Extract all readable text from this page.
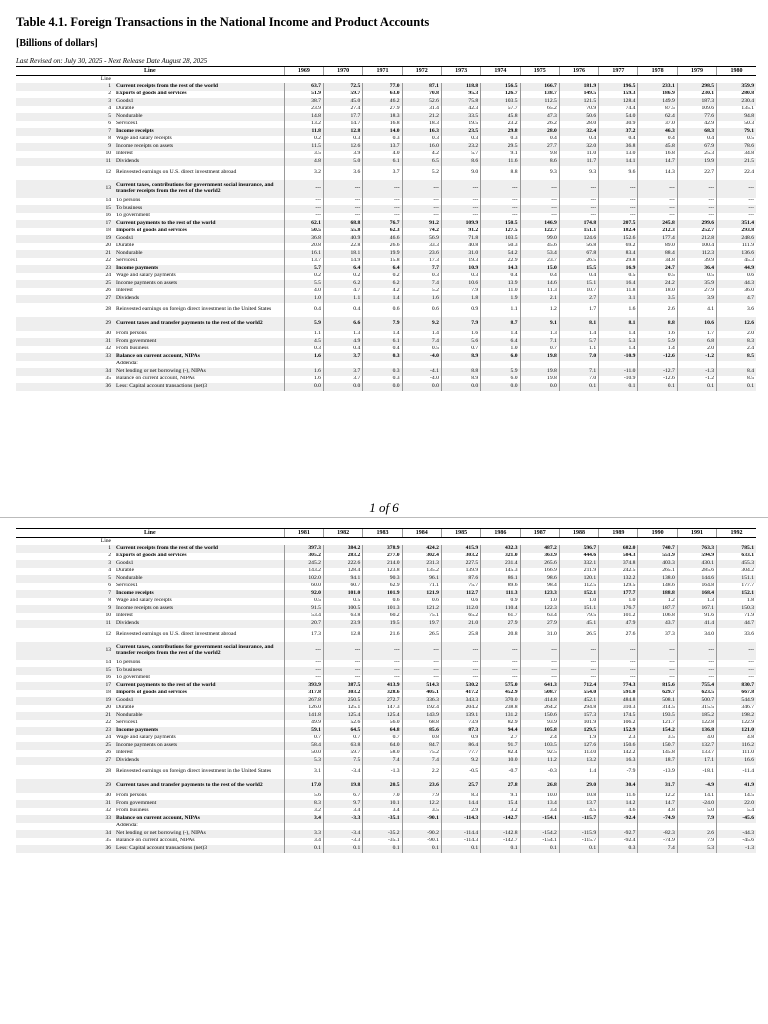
Table 4.1. Foreign Transactions in the National Income and Product Accounts
[Billions of dollars]
Last Revised on: July 30, 2025 - Next Release Date August 28, 2025
Line		1969	1970	1971	1972	1973	1974	1975	1976	1977	1978	1979	1980
Line													
1	Current receipts from the rest of the world	63.7	72.5	77.0	87.1	118.8	156.5	166.7	181.9	196.5	233.1	298.5	359.9
2	Exports of goods and services	51.9	59.7	63.0	70.8	95.3	126.7	138.7	149.5	159.3	186.9	230.1	280.8
3	Goods1	38.7	45.0	46.2	52.6	75.8	103.5	112.5	121.5	128.4	149.9	187.3	230.4
4	Durable	23.9	27.4	27.9	31.4	42.3	57.7	65.2	70.9	74.4	87.5	109.6	135.1
5	Nondurable	14.8	17.7	18.3	21.2	33.5	45.8	47.3	50.6	54.0	62.4	77.6	94.8
6	Services1	13.2	14.7	16.8	18.3	19.5	23.2	26.2	28.0	30.9	37.0	42.9	50.3
7	Income receipts	11.8	12.8	14.0	16.3	23.5	29.8	28.0	32.4	37.2	46.3	68.3	79.1
8	Wage and salary receipts	0.2	0.3	0.3	0.3	0.3	0.3	0.4	0.4	0.4	0.4	0.4	0.5
9	Income receipts on assets	11.5	12.6	13.7	16.0	23.2	29.5	27.7	32.0	36.8	45.8	67.9	78.6
10	Interest	3.5	3.9	4.0	4.2	5.7	9.1	9.8	11.0	13.0	16.8	25.3	34.8
11	Dividends	4.8	5.0	6.1	6.5	8.6	11.6	8.6	11.7	14.1	14.7	19.9	21.5
12	Reinvested earnings on U.S. direct investment abroad	3.2	3.6	3.7	5.2	9.0	8.8	9.3	9.3	9.6	14.3	22.7	22.4
13	Current taxes, contributions for government social insurance, and transfer receipts from the rest of the world2	---	---	---	---	---	---	---	---	---	---	---	---
14	To persons	---	---	---	---	---	---	---	---	---	---	---	---
15	To business	---	---	---	---	---	---	---	---	---	---	---	---
16	To government	---	---	---	---	---	---	---	---	---	---	---	---
17	Current payments to the rest of the world	62.1	68.8	76.7	91.2	109.9	150.5	146.9	174.8	207.5	245.8	299.6	351.4
18	Imports of goods and services	50.5	55.8	62.3	74.2	91.2	127.5	122.7	151.1	182.4	212.3	252.7	293.8
19	Goods1	36.8	40.9	46.6	56.9	71.8	103.5	99.0	124.6	152.6	177.4	212.8	248.6
20	Durable	20.8	22.8	26.6	33.3	40.8	50.3	45.6	56.8	69.2	89.0	100.4	111.9
21	Nondurable	16.1	18.1	19.9	23.6	31.0	54.2	53.4	67.8	83.4	88.4	112.3	136.6
22	Services1	13.7	14.9	15.8	17.3	19.3	22.9	23.7	26.5	29.8	34.8	39.9	45.3
23	Income payments	5.7	6.4	6.4	7.7	10.9	14.3	15.0	15.5	16.9	24.7	36.4	44.9
24	Wage and salary payments	0.2	0.2	0.2	0.3	0.3	0.4	0.4	0.4	0.5	0.5	0.5	0.6
25	Income payments on assets	5.5	6.2	6.2	7.4	10.6	13.9	14.6	15.1	16.4	24.2	35.9	44.3
26	Interest	4.0	4.7	4.2	5.2	7.9	11.0	11.3	10.7	11.8	18.0	27.9	36.0
27	Dividends	1.0	1.1	1.4	1.6	1.8	1.9	2.1	2.7	3.1	3.5	3.9	4.7
28	Reinvested earnings on foreign direct investment in the United States	0.4	0.4	0.6	0.6	0.9	1.1	1.2	1.7	1.6	2.6	4.1	3.6
29	Current taxes and transfer payments to the rest of the world2	5.9	6.6	7.9	9.2	7.9	8.7	9.1	8.1	8.1	8.8	10.6	12.6
30	From persons	1.1	1.3	1.4	1.4	1.6	1.4	1.3	1.4	1.4	1.6	1.7	2.0
31	From government	4.5	4.9	6.1	7.4	5.6	6.4	7.1	5.7	5.3	5.9	6.8	8.3
32	From business	0.3	0.4	0.4	0.5	0.7	1.0	0.7	1.1	1.4	1.4	2.0	2.4
33	Balance on current account, NIPAs	1.6	3.7	0.3	-4.0	8.9	6.0	19.8	7.0	-10.9	-12.6	-1.2	8.5
	Addenda:												
34	Net lending or net borrowing (-), NIPAs	1.6	3.7	0.3	-4.1	8.8	5.9	19.8	7.1	-11.0	-12.7	-1.3	8.4
35	Balance on current account, NIPAs	1.6	3.7	0.3	-4.0	8.9	6.0	19.8	7.0	-10.9	-12.6	-1.2	8.5
36	Less: Capital account transactions (net)3	0.0	0.0	0.0	0.0	0.0	0.0	0.0	0.1	0.1	0.1	0.1	0.1
1 of 6
Line		1981	1982	1983	1984	1985	1986	1987	1988	1989	1990	1991	1992
Line													
1	Current receipts from the rest of the world	397.3	384.2	378.9	424.2	415.9	432.3	487.2	596.7	682.0	740.7	763.3	785.1
2	Exports of goods and services	305.2	283.2	277.0	302.4	303.2	321.0	363.9	444.6	504.3	551.9	594.9	633.1
3	Goods1	245.2	222.6	214.0	231.3	227.5	231.4	265.6	332.1	374.8	403.3	430.1	455.3
4	Durable	143.2	128.4	123.8	135.2	139.9	145.3	166.9	211.9	242.5	265.1	285.6	304.2
5	Nondurable	102.0	94.1	90.3	96.1	87.6	86.1	98.6	120.1	132.2	138.0	144.6	151.1
6	Services1	60.0	60.7	62.9	71.1	75.7	89.6	98.4	112.5	129.5	148.6	164.8	177.7
7	Income receipts	92.0	101.0	101.9	121.9	112.7	111.3	123.3	152.1	177.7	188.8	168.4	152.1
8	Wage and salary receipts	0.5	0.5	0.6	0.6	0.6	0.9	1.0	1.0	1.0	1.2	1.3	1.8
9	Income receipts on assets	91.5	100.5	101.3	121.2	112.0	110.4	122.3	151.1	176.7	187.7	167.1	150.3
10	Interest	53.4	63.8	60.2	75.1	65.2	61.7	63.4	79.5	101.2	106.8	91.6	71.9
11	Dividends	20.7	23.9	19.5	19.7	21.0	27.9	27.9	45.1	47.9	43.7	41.4	44.7
12	Reinvested earnings on U.S. direct investment abroad	17.3	12.8	21.6	26.5	25.8	20.8	31.0	26.5	27.6	37.3	34.0	33.6
13	Current taxes, contributions for government social insurance, and transfer receipts from the rest of the world2	---	---	---	---	---	---	---	---	---	---	---	---
14	To persons	---	---	---	---	---	---	---	---	---	---	---	---
15	To business	---	---	---	---	---	---	---	---	---	---	---	---
16	To government	---	---	---	---	---	---	---	---	---	---	---	---
17	Current payments to the rest of the world	393.9	387.5	413.9	514.3	530.2	575.0	641.3	712.4	774.3	815.6	755.4	830.7
18	Imports of goods and services	317.8	303.2	328.6	405.1	417.2	452.9	508.7	554.0	591.0	629.7	623.5	667.8
19	Goods1	267.8	250.5	272.7	336.3	343.3	370.0	414.8	452.1	484.8	508.1	500.7	544.9
20	Durable	126.0	125.1	147.3	192.4	204.2	238.8	264.2	294.8	310.3	314.5	315.5	346.7
21	Nondurable	141.8	125.4	125.4	143.9	139.1	131.2	150.6	157.3	174.5	193.5	185.2	198.2
22	Services1	49.9	52.6	56.0	68.8	73.9	82.9	93.9	101.9	106.2	121.7	122.8	122.9
23	Income payments	59.1	64.5	64.8	85.6	87.3	94.4	105.8	129.5	152.9	154.2	136.8	121.0
24	Wage and salary payments	0.7	0.7	0.7	0.8	0.9	2.7	2.4	1.9	2.3	3.5	4.0	4.8
25	Income payments on assets	58.4	63.8	64.0	84.7	86.4	91.7	103.5	127.6	150.6	150.7	132.7	116.2
26	Interest	50.0	59.7	58.0	75.2	77.7	82.4	92.5	113.0	142.2	145.8	133.7	111.0
27	Dividends	5.3	7.5	7.4	7.4	9.2	10.0	11.2	13.2	16.3	18.7	17.1	16.6
28	Reinvested earnings on foreign direct investment in the United States	3.1	-3.4	-1.3	2.2	-0.5	-0.7	-0.3	1.4	-7.9	-13.9	-18.1	-11.4
29	Current taxes and transfer payments to the rest of the world2	17.0	19.8	20.5	23.6	25.7	27.8	26.8	29.0	30.4	31.7	-4.9	41.9
30	From persons	5.6	6.7	7.0	7.9	8.3	9.1	10.0	10.8	11.6	12.2	14.1	14.5
31	From government	8.3	9.7	10.1	12.2	14.4	15.4	13.4	13.7	14.2	14.7	-24.0	22.0
32	From business	3.2	3.4	3.4	3.5	2.9	3.2	3.4	4.5	4.6	4.8	5.0	5.4
33	Balance on current account, NIPAs	3.4	-3.3	-35.1	-90.1	-114.3	-142.7	-154.1	-115.7	-92.4	-74.9	7.9	-45.6
	Addenda:												
34	Net lending or net borrowing (-), NIPAs	3.3	-3.4	-35.2	-90.2	-114.4	-142.8	-154.2	-115.9	-92.7	-82.3	2.6	-44.3
35	Balance on current account, NIPAs	3.4	-3.3	-35.1	-90.1	-114.3	-142.7	-154.1	-115.7	-92.4	-74.9	7.9	-45.6
36	Less: Capital account transactions (net)3	0.1	0.1	0.1	0.1	0.1	0.1	0.1	0.1	0.3	7.4	5.3	-1.3
